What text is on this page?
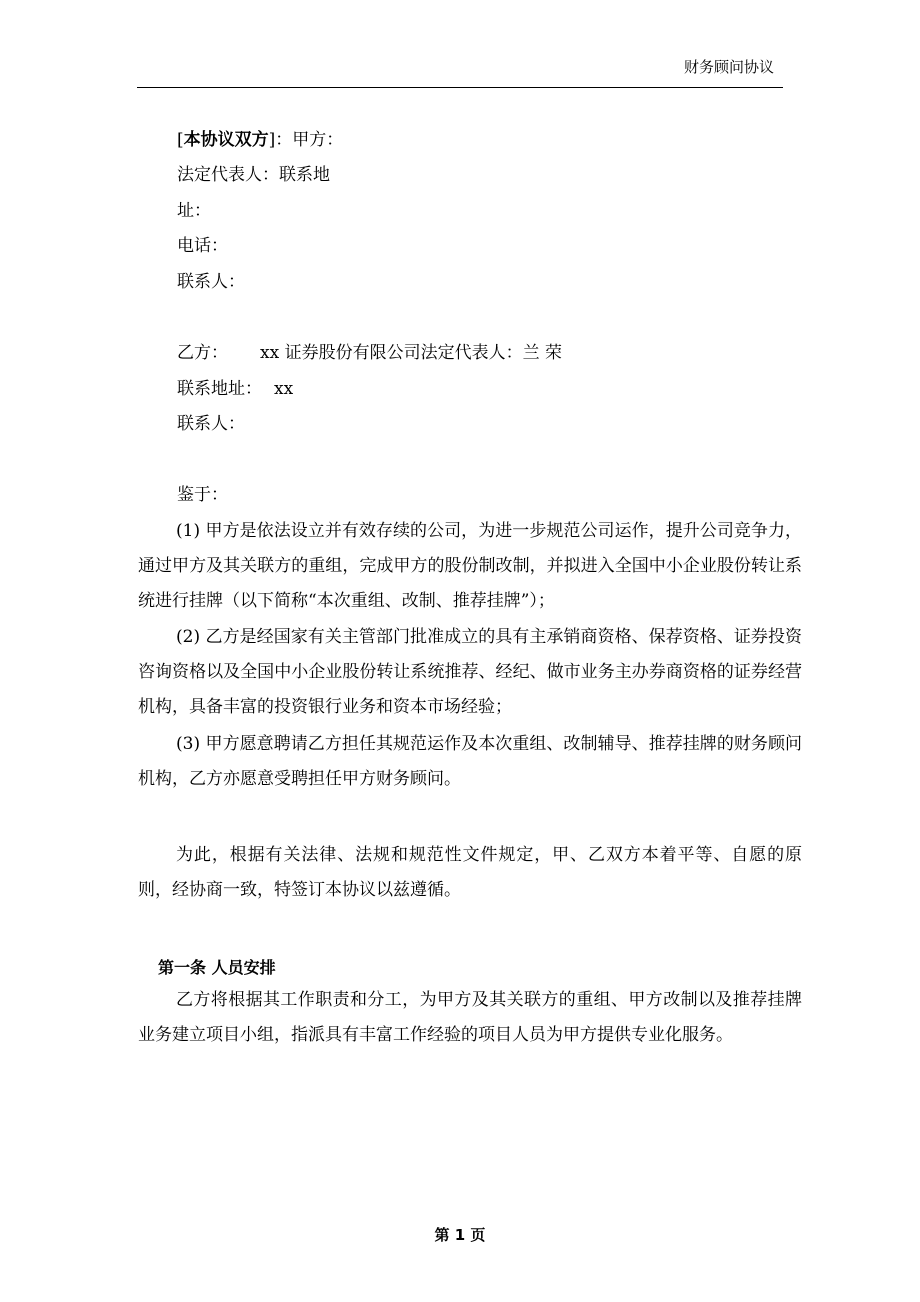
财务顾问协议
[本协议双方]：甲方：
法定代表人：联系地
址：
电话：
联系人：
乙方： xx 证券股份有限公司法定代表人：兰 荣
联系地址： xx
联系人：
鉴于：

(1) 甲方是依法设立并有效存续的公司，为进一步规范公司运作，提升公司竞争力，通过甲方及其关联方的重组，完成甲方的股份制改制，并拟进入全国中小企业股份转让系统进行挂牌（以下简称“本次重组、改制、推荐挂牌”）；

(2) 乙方是经国家有关主管部门批准成立的具有主承销商资格、保荐资格、证券投资咨询资格以及全国中小企业股份转让系统推荐、经纪、做市业务主办券商资格的证券经营机构，具备丰富的投资银行业务和资本市场经验；

(3) 甲方愿意聘请乙方担任其规范运作及本次重组、改制辅导、推荐挂牌的财务顾问机构，乙方亦愿意受聘担任甲方财务顾问。

为此，根据有关法律、法规和规范性文件规定，甲、乙双方本着平等、自愿的原则，经协商一致，特签订本协议以兹遵循。

第一条 人员安排

乙方将根据其工作职责和分工，为甲方及其关联方的重组、甲方改制以及推荐挂牌业务建立项目小组，指派具有丰富工作经验的项目人员为甲方提供专业化服务。

第 1 页
